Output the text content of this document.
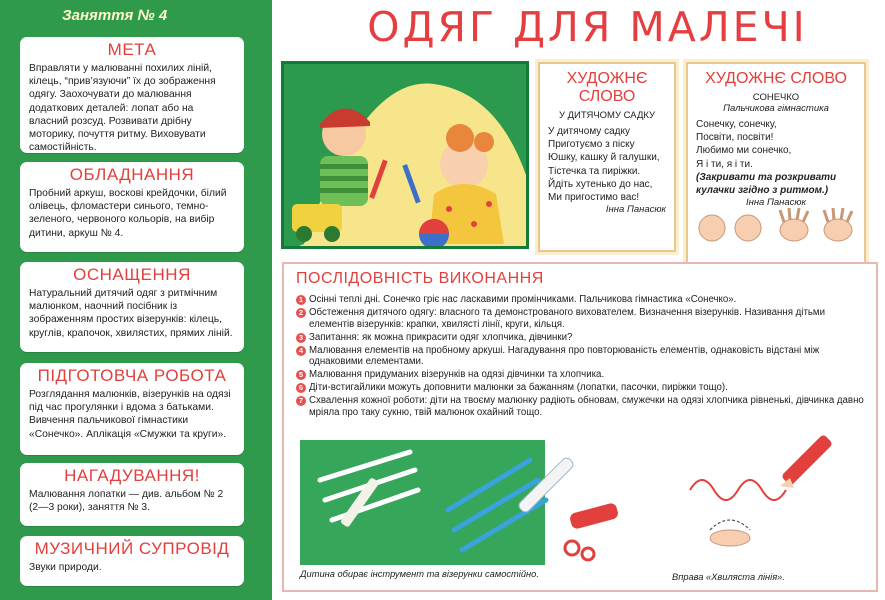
Заняття № 4
МЕТА

Вправляти у малюванні похилих ліній, кілець, “прив’язуючи” їх до зображення одягу. Заохочувати до малювання додаткових деталей: лопат або на власний розсуд. Розвивати дрібну моторику, почуття ритму. Виховувати самостійність.

ОБЛАДНАННЯ

Пробний аркуш, воскові крейдочки, білий олівець, фломастери синього, темно-зеленого, червоного кольорів, на вибір дитини, аркуш № 4.

ОСНАЩЕННЯ

Натуральний дитячий одяг з ритмічним малюнком, наочний посібник із зображенням простих візерунків: кілець, круглів, крапочок, хвилястих, прямих ліній.

ПІДГОТОВЧА РОБОТА

Розглядання малюнків, візерунків на одязі під час прогулянки і вдома з батьками. Вивчення пальчикової гімнастики «Сонечко». Аплікація «Смужки та круги».

НАГАДУВАННЯ!

Малювання лопатки — див. альбом № 2 (2—3 роки), заняття № 3.

МУЗИЧНИЙ СУПРОВІД

Звуки природи.

ОДЯГ ДЛЯ МАЛЕЧІ
ХУДОЖНЄ СЛОВО
У ДИТЯЧОМУ САДКУ
У дитячому садку
Приготуємо з піску
Юшку, кашку й галушки,
Тістечка та пиріжки.
Йдіть хутенько до нас,
Ми пригостимо вас!
Інна Панасюк
ХУДОЖНЄ СЛОВО
СОНЕЧКО
Пальчикова гімнастика
Сонечку, сонечку,
Посвіти, посвіти!
Любимо ми сонечко,
Я і ти, я і ти.
(Закривати та розкривати кулачки згідно з ритмом.)
Інна Панасюк
ПОСЛІДОВНІСТЬ ВИКОНАННЯ
1 Осінні теплі дні. Сонечко гріє нас ласкавими промінчиками. Пальчикова гімнастика «Сонечко».
2 Обстеження дитячого одягу: власного та демонстрованого вихователем. Визначення візерунків. Називання дітьми елементів візерунків: крапки, хвилясті лінії, круги, кільця.
3 Запитання: як можна прикрасити одяг хлопчика, дівчинки?
4 Малювання елементів на пробному аркуші. Нагадування про повторюваність елементів, однаковість відстані між однаковими елементами.
5 Малювання придуманих візерунків на одязі дівчинки та хлопчика.
6 Діти-встигайлики можуть доповнити малюнки за бажанням (лопатки, пасочки, пиріжки тощо).
7 Схвалення кожної роботи: діти на твоєму малюнку радіють обновам, смужечки на одязі хлопчика рівненькі, дівчинка давно мріяла про таку сукню, твій малюнок охайний тощо.
Дитина обирає інструмент та візерунки самостійно.	Вправа «Хвиляста лінія».
